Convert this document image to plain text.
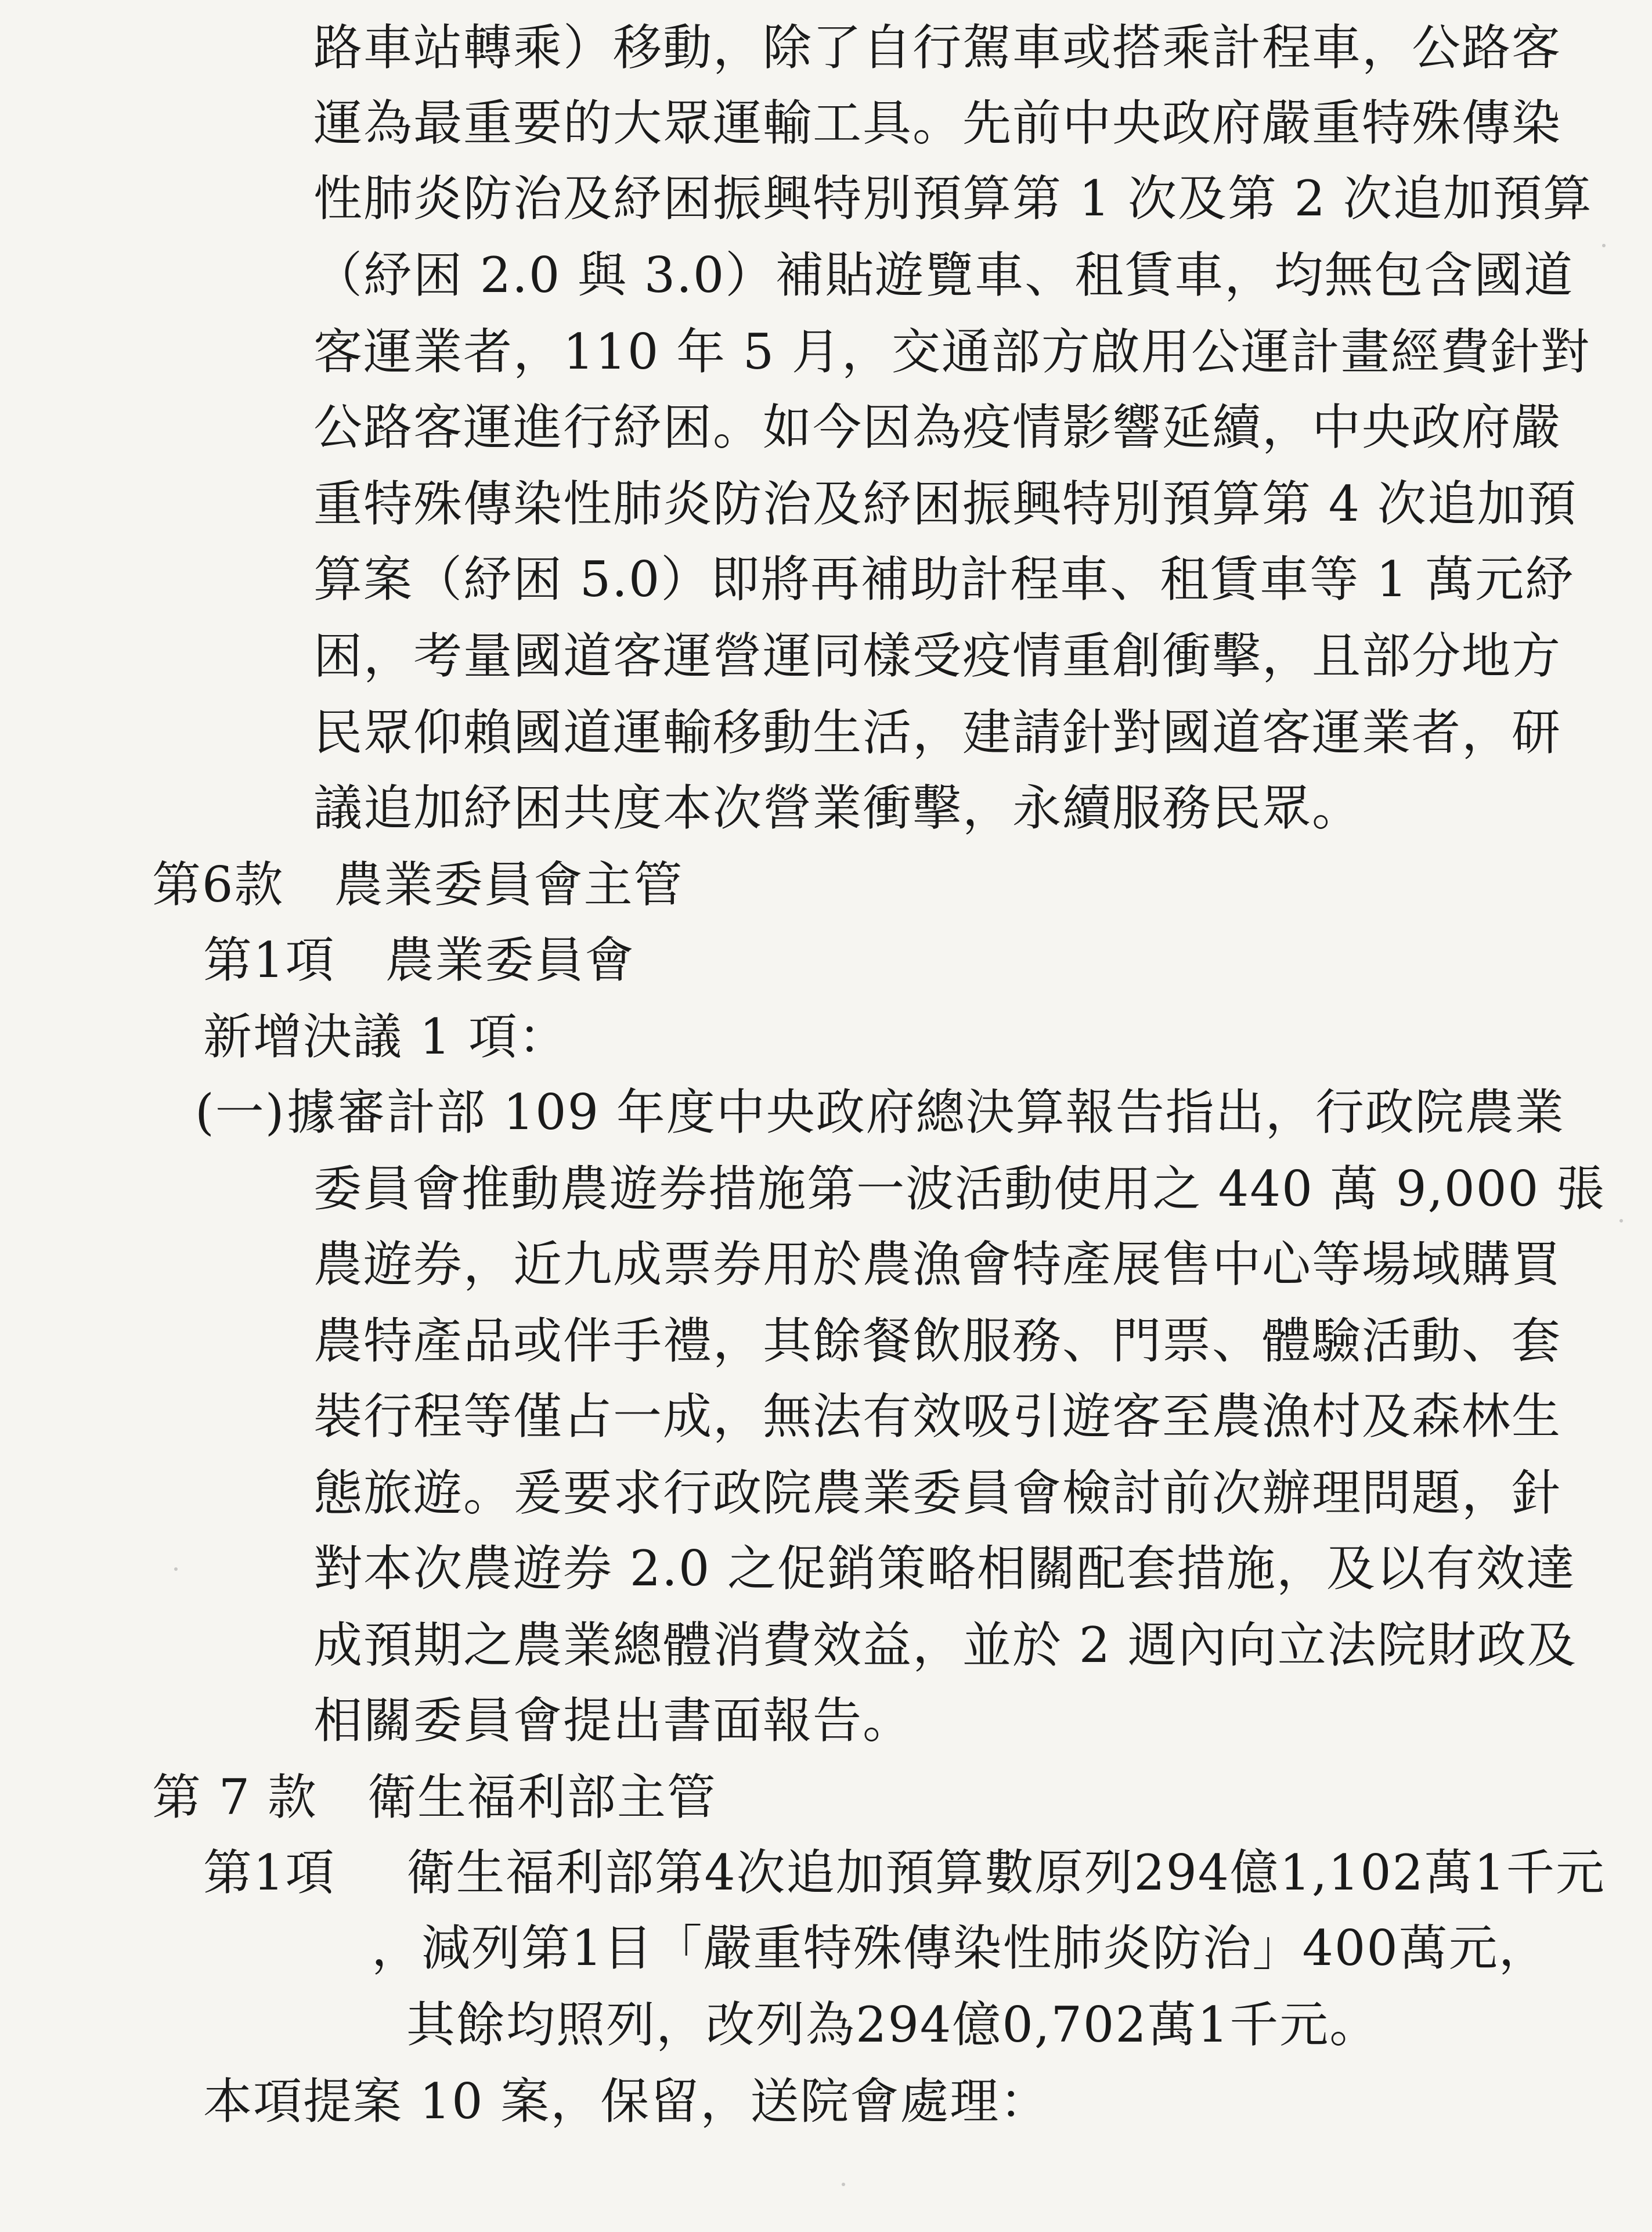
路車站轉乘）移動，除了自行駕車或搭乘計程車，公路客
運為最重要的大眾運輸工具。先前中央政府嚴重特殊傳染
性肺炎防治及紓困振興特別預算第 1 次及第 2 次追加預算
（紓困 2.0 與 3.0）補貼遊覽車、租賃車，均無包含國道
客運業者，110 年 5 月，交通部方啟用公運計畫經費針對
公路客運進行紓困。如今因為疫情影響延續，中央政府嚴
重特殊傳染性肺炎防治及紓困振興特別預算第 4 次追加預
算案（紓困 5.0）即將再補助計程車、租賃車等 1 萬元紓
困，考量國道客運營運同樣受疫情重創衝擊，且部分地方
民眾仰賴國道運輸移動生活，建請針對國道客運業者，研
議追加紓困共度本次營業衝擊，永續服務民眾。
第6款　農業委員會主管
第1項　農業委員會
新增決議 1 項：
(一) 據審計部 109 年度中央政府總決算報告指出，行政院農業
委員會推動農遊券措施第一波活動使用之 440 萬 9,000 張
農遊券，近九成票券用於農漁會特產展售中心等場域購買
農特產品或伴手禮，其餘餐飲服務、門票、體驗活動、套
裝行程等僅占一成，無法有效吸引遊客至農漁村及森林生
態旅遊。爰要求行政院農業委員會檢討前次辦理問題，針
對本次農遊券 2.0 之促銷策略相關配套措施，及以有效達
成預期之農業總體消費效益，並於 2 週內向立法院財政及
相關委員會提出書面報告。
第 7 款　衛生福利部主管
第1項 衛生福利部第4次追加預算數原列294億1,102萬1千元
，減列第1目「嚴重特殊傳染性肺炎防治」400萬元，
其餘均照列，改列為294億0,702萬1千元。
本項提案 10 案，保留，送院會處理：
